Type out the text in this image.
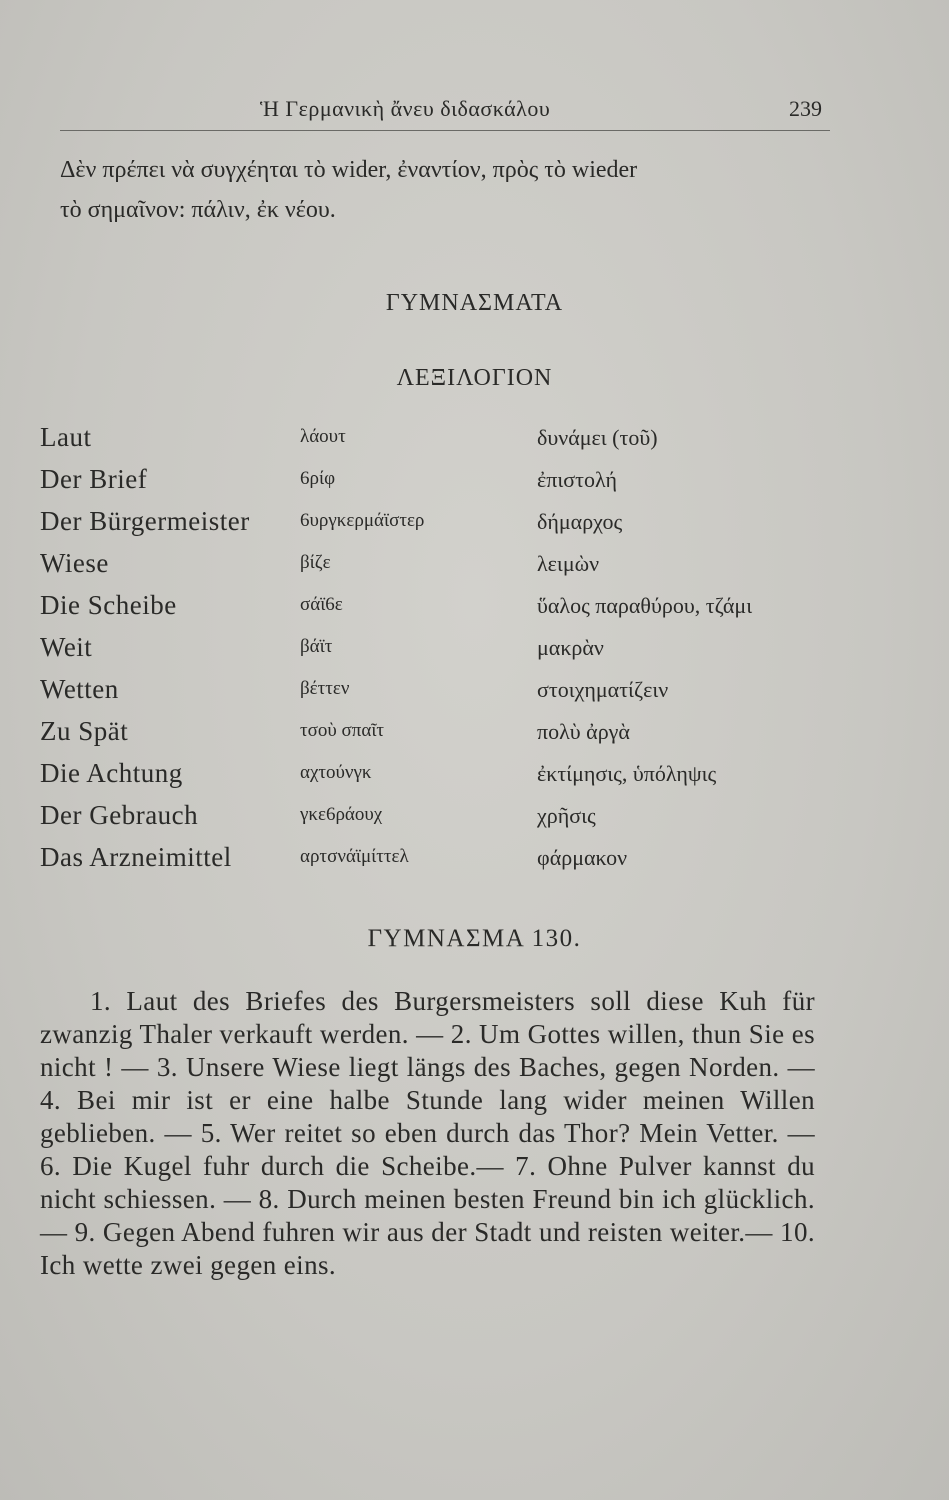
Ἡ Γερμανικὴ ἄνευ διδασκάλου	239

Δὲν πρέπει νὰ συγχέηται τὸ wider, ἐναντίον, πρὸς τὸ wieder

τὸ σημαῖνον: πάλιν, ἐκ νέου.

ΓΥΜΝΑΣΜΑΤΑ
ΛΕΞΙΛΟΓΙΟΝ
Laut	λάουτ	δυνάμει (τοῦ)
Der Brief	6ρίφ	ἐπιστολή
Der Bürgermeister	6υργκερμάϊστερ	δήμαρχος
Wiese	βίζε	λειμὼν
Die Scheibe	σάϊ6ε	ὕαλος παραθύρου, τζάμι
Weit	βάϊτ	μακρὰν
Wetten	βέττεν	στοιχηματίζειν
Zu Spät	τσοὺ σπαῖτ	πολὺ ἀργὰ
Die Achtung	αχτούνγκ	ἐκτίμησις, ὑπόληψις
Der Gebrauch	γκε6ράουχ	χρῆσις
Das Arzneimittel	αρτσνάϊμίττελ	φάρμακον
ΓΥΜΝΑΣΜΑ 130.

1. Laut des Briefes des Burgersmeisters soll diese Kuh für zwanzig Thaler verkauft werden. — 2. Um Gottes willen, thun Sie es nicht ! — 3. Unsere Wiese liegt längs des Baches, gegen Norden. — 4. Bei mir ist er eine halbe Stunde lang wider meinen Willen geblieben. — 5. Wer reitet so eben durch das Thor? Mein Vetter. —6. Die Kugel fuhr durch die Scheibe.— 7. Ohne Pulver kannst du nicht schiessen. — 8. Durch meinen besten Freund bin ich glücklich. — 9. Gegen Abend fuhren wir aus der Stadt und reisten weiter.— 10. Ich wette zwei gegen eins.
